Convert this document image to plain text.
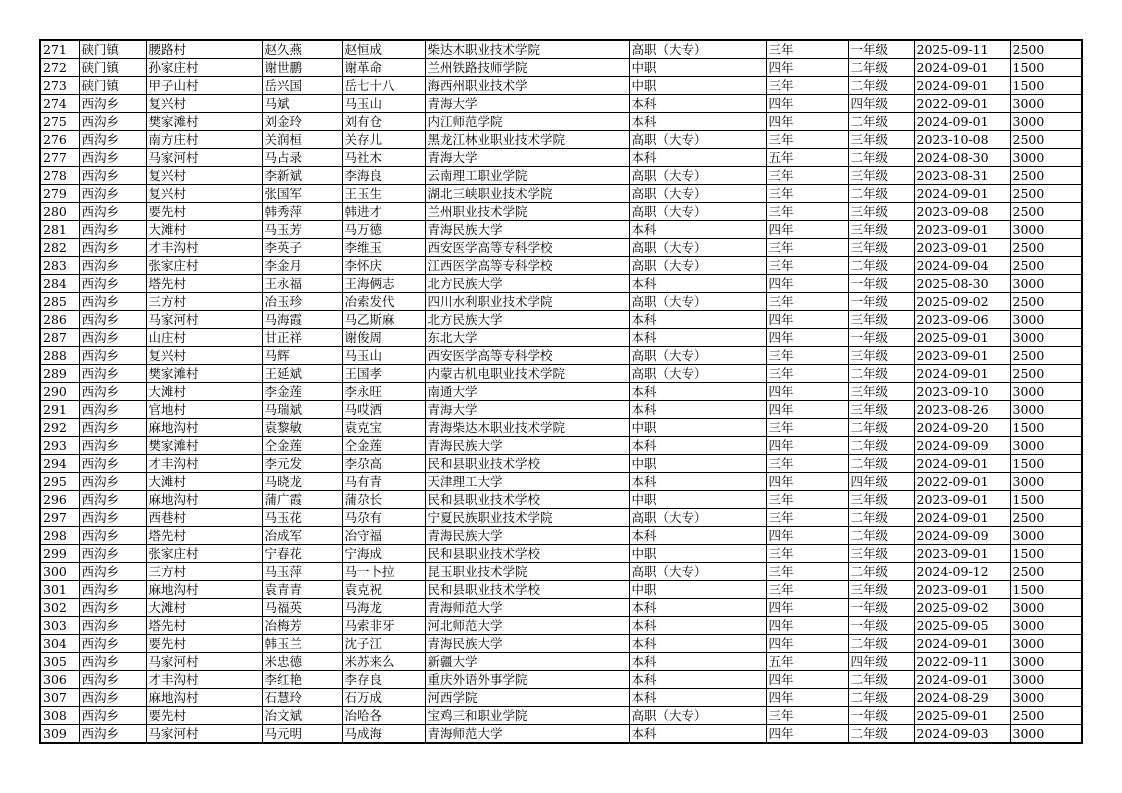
271	硖门镇	腰路村	赵久燕	赵恒成	柴达木职业技术学院	高职（大专）	三年	一年级	2025-09-11	2500
272	硖门镇	孙家庄村	谢世鹏	谢革命	兰州铁路技师学院	中职	四年	二年级	2024-09-01	1500
273	硖门镇	甲子山村	岳兴国	岳七十八	海西州职业技术学	中职	三年	二年级	2024-09-01	1500
274	西沟乡	复兴村	马斌	马玉山	青海大学	本科	四年	四年级	2022-09-01	3000
275	西沟乡	樊家滩村	刘金玲	刘有仓	内江师范学院	本科	四年	二年级	2024-09-01	3000
276	西沟乡	南方庄村	关润桓	关存儿	黑龙江林业职业技术学院	高职（大专）	三年	三年级	2023-10-08	2500
277	西沟乡	马家河村	马占录	马社木	青海大学	本科	五年	二年级	2024-08-30	3000
278	西沟乡	复兴村	李新斌	李海良	云南理工职业学院	高职（大专）	三年	三年级	2023-08-31	2500
279	西沟乡	复兴村	张国军	王玉生	湖北三峡职业技术学院	高职（大专）	三年	二年级	2024-09-01	2500
280	西沟乡	要先村	韩秀萍	韩进才	兰州职业技术学院	高职（大专）	三年	三年级	2023-09-08	2500
281	西沟乡	大滩村	马玉芳	马万德	青海民族大学	本科	四年	三年级	2023-09-01	3000
282	西沟乡	才丰沟村	李英子	李维玉	西安医学高等专科学校	高职（大专）	三年	三年级	2023-09-01	2500
283	西沟乡	张家庄村	李金月	李怀庆	江西医学高等专科学校	高职（大专）	三年	二年级	2024-09-04	2500
284	西沟乡	塔先村	王永福	王海俩志	北方民族大学	本科	四年	一年级	2025-08-30	3000
285	西沟乡	三方村	冶玉珍	冶索发代	四川水利职业技术学院	高职（大专）	三年	一年级	2025-09-02	2500
286	西沟乡	马家河村	马海霞	马乙斯麻	北方民族大学	本科	四年	三年级	2023-09-06	3000
287	西沟乡	山庄村	甘正祥	谢俊周	东北大学	本科	四年	一年级	2025-09-01	3000
288	西沟乡	复兴村	马辉	马玉山	西安医学高等专科学校	高职（大专）	三年	三年级	2023-09-01	2500
289	西沟乡	樊家滩村	王延斌	王国孝	内蒙古机电职业技术学院	高职（大专）	三年	二年级	2024-09-01	2500
290	西沟乡	大滩村	李金莲	李永旺	南通大学	本科	四年	三年级	2023-09-10	3000
291	西沟乡	官地村	马瑞斌	马哎洒	青海大学	本科	四年	三年级	2023-08-26	3000
292	西沟乡	麻地沟村	袁黎敏	袁克宝	青海柴达木职业技术学院	中职	三年	二年级	2024-09-20	1500
293	西沟乡	樊家滩村	仝金莲	仝金莲	青海民族大学	本科	四年	二年级	2024-09-09	3000
294	西沟乡	才丰沟村	李元发	李尕高	民和县职业技术学校	中职	三年	二年级	2024-09-01	1500
295	西沟乡	大滩村	马晓龙	马有青	天津理工大学	本科	四年	四年级	2022-09-01	3000
296	西沟乡	麻地沟村	蒲广霞	蒲尕长	民和县职业技术学校	中职	三年	三年级	2023-09-01	1500
297	西沟乡	西巷村	马玉花	马尕有	宁夏民族职业技术学院	高职（大专）	三年	二年级	2024-09-01	2500
298	西沟乡	塔先村	冶成军	冶守福	青海民族大学	本科	四年	二年级	2024-09-09	3000
299	西沟乡	张家庄村	宁春花	宁海成	民和县职业技术学校	中职	三年	三年级	2023-09-01	1500
300	西沟乡	三方村	马玉萍	马一卜拉	昆玉职业技术学院	高职（大专）	三年	二年级	2024-09-12	2500
301	西沟乡	麻地沟村	袁青青	袁克祝	民和县职业技术学校	中职	三年	三年级	2023-09-01	1500
302	西沟乡	大滩村	马福英	马海龙	青海师范大学	本科	四年	一年级	2025-09-02	3000
303	西沟乡	塔先村	冶梅芳	马索非牙	河北师范大学	本科	四年	一年级	2025-09-05	3000
304	西沟乡	要先村	韩玉兰	沈子江	青海民族大学	本科	四年	二年级	2024-09-01	3000
305	西沟乡	马家河村	米忠德	米苏来么	新疆大学	本科	五年	四年级	2022-09-11	3000
306	西沟乡	才丰沟村	李红艳	李存良	重庆外语外事学院	本科	四年	二年级	2024-09-01	3000
307	西沟乡	麻地沟村	石慧玲	石万成	河西学院	本科	四年	二年级	2024-08-29	3000
308	西沟乡	要先村	冶文斌	冶哈各	宝鸡三和职业学院	高职（大专）	三年	一年级	2025-09-01	2500
309	西沟乡	马家河村	马元明	马成海	青海师范大学	本科	四年	二年级	2024-09-03	3000
